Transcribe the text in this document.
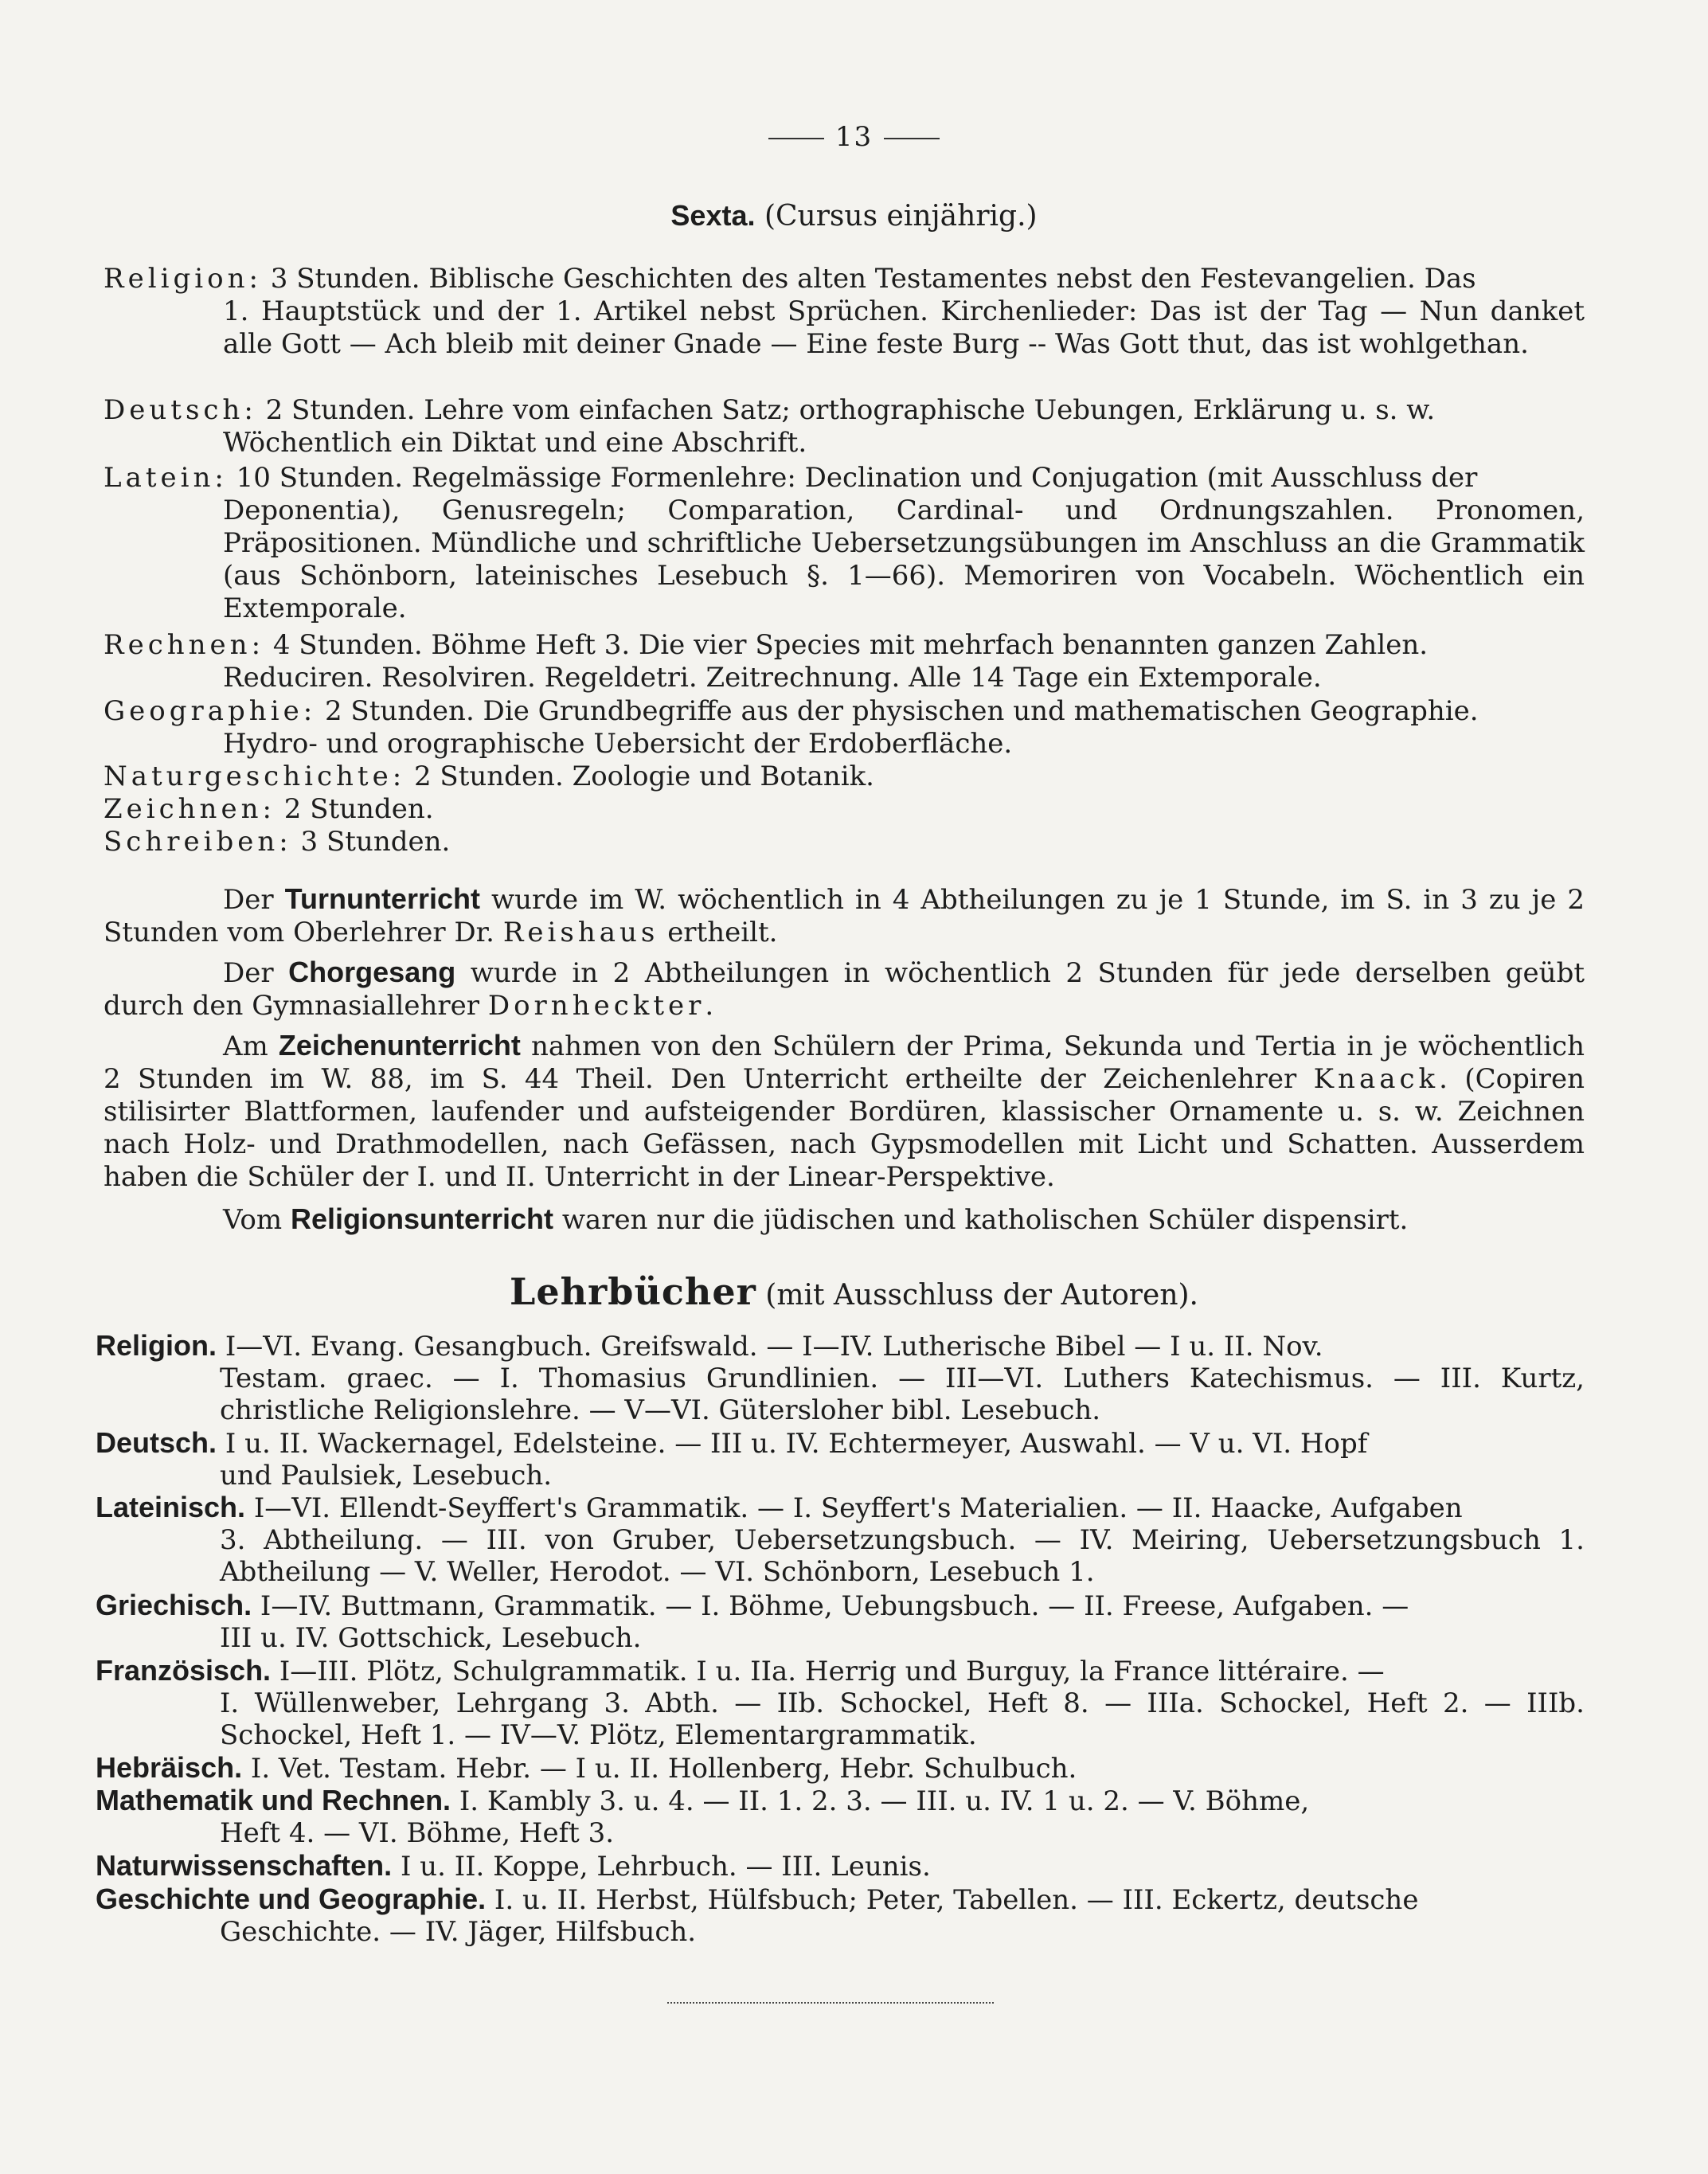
13
Sexta. (Cursus einjährig.)
Religion: 3 Stunden. Biblische Geschichten des alten Testamentes nebst den Festevangelien. Das
1. Hauptstück und der 1. Artikel nebst Sprüchen. Kirchenlieder: Das ist der Tag — Nun danket alle Gott — Ach bleib mit deiner Gnade — Eine feste Burg -- Was Gott thut, das ist wohlgethan.
Deutsch: 2 Stunden. Lehre vom einfachen Satz; orthographische Uebungen, Erklärung u. s. w.
Wöchentlich ein Diktat und eine Abschrift.
Latein: 10 Stunden. Regelmässige Formenlehre: Declination und Conjugation (mit Ausschluss der
Deponentia), Genusregeln; Comparation, Cardinal- und Ordnungszahlen. Pronomen, Präpositionen. Mündliche und schriftliche Uebersetzungsübungen im Anschluss an die Grammatik (aus Schönborn, lateinisches Lesebuch §. 1—66). Memoriren von Vocabeln. Wöchentlich ein Extemporale.
Rechnen: 4 Stunden. Böhme Heft 3. Die vier Species mit mehrfach benannten ganzen Zahlen.
Reduciren. Resolviren. Regeldetri. Zeitrechnung. Alle 14 Tage ein Extemporale.
Geographie: 2 Stunden. Die Grundbegriffe aus der physischen und mathematischen Geographie.
Hydro- und orographische Uebersicht der Erdoberfläche.
Naturgeschichte: 2 Stunden. Zoologie und Botanik.
Zeichnen: 2 Stunden.
Schreiben: 3 Stunden.
Der Turnunterricht wurde im W. wöchentlich in 4 Abtheilungen zu je 1 Stunde, im S. in 3 zu je 2 Stunden vom Oberlehrer Dr. Reishaus ertheilt.
Der Chorgesang wurde in 2 Abtheilungen in wöchentlich 2 Stunden für jede derselben geübt durch den Gymnasiallehrer Dornheckter.
Am Zeichenunterricht nahmen von den Schülern der Prima, Sekunda und Tertia in je wöchentlich 2 Stunden im W. 88, im S. 44 Theil. Den Unterricht ertheilte der Zeichenlehrer Knaack. (Copiren stilisirter Blattformen, laufender und aufsteigender Bordüren, klassischer Ornamente u. s. w. Zeichnen nach Holz- und Drathmodellen, nach Gefässen, nach Gypsmodellen mit Licht und Schatten. Ausserdem haben die Schüler der I. und II. Unterricht in der Linear-Perspektive.
Vom Religionsunterricht waren nur die jüdischen und katholischen Schüler dispensirt.
Lehrbücher (mit Ausschluss der Autoren).
Religion. I—VI. Evang. Gesangbuch. Greifswald. — I—IV. Lutherische Bibel — I u. II. Nov.
Testam. graec. — I. Thomasius Grundlinien. — III—VI. Luthers Katechismus. — III. Kurtz, christliche Religionslehre. — V—VI. Gütersloher bibl. Lesebuch.
Deutsch. I u. II. Wackernagel, Edelsteine. — III u. IV. Echtermeyer, Auswahl. — V u. VI. Hopf
und Paulsiek, Lesebuch.
Lateinisch. I—VI. Ellendt-Seyffert's Grammatik. — I. Seyffert's Materialien. — II. Haacke, Aufgaben
3. Abtheilung. — III. von Gruber, Uebersetzungsbuch. — IV. Meiring, Uebersetzungsbuch 1. Abtheilung — V. Weller, Herodot. — VI. Schönborn, Lesebuch 1.
Griechisch. I—IV. Buttmann, Grammatik. — I. Böhme, Uebungsbuch. — II. Freese, Aufgaben. —
III u. IV. Gottschick, Lesebuch.
Französisch. I—III. Plötz, Schulgrammatik. I u. IIa. Herrig und Burguy, la France littéraire. —
I. Wüllenweber, Lehrgang 3. Abth. — IIb. Schockel, Heft 8. — IIIa. Schockel, Heft 2. — IIIb. Schockel, Heft 1. — IV—V. Plötz, Elementargrammatik.
Hebräisch. I. Vet. Testam. Hebr. — I u. II. Hollenberg, Hebr. Schulbuch.
Mathematik und Rechnen. I. Kambly 3. u. 4. — II. 1. 2. 3. — III. u. IV. 1 u. 2. — V. Böhme,
Heft 4. — VI. Böhme, Heft 3.
Naturwissenschaften. I u. II. Koppe, Lehrbuch. — III. Leunis.
Geschichte und Geographie. I. u. II. Herbst, Hülfsbuch; Peter, Tabellen. — III. Eckertz, deutsche
Geschichte. — IV. Jäger, Hilfsbuch.
